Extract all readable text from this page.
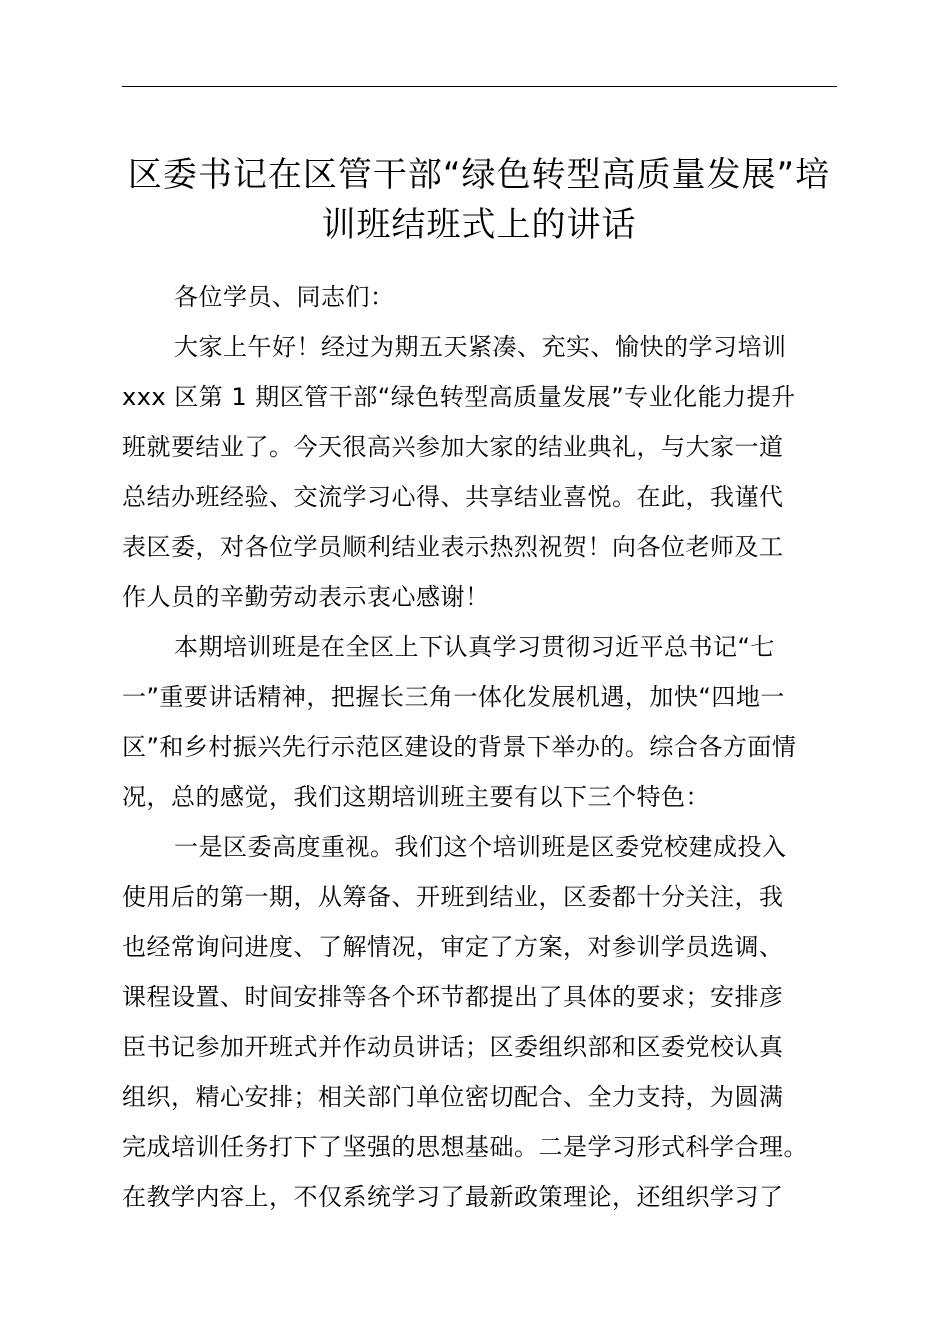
区委书记在区管干部“绿色转型高质量发展”培
训班结班式上的讲话
各位学员、同志们：
大家上午好！经过为期五天紧凑、充实、愉快的学习培训
xxx 区第 1 期区管干部“绿色转型高质量发展”专业化能力提升
班就要结业了。今天很高兴参加大家的结业典礼，与大家一道
总结办班经验、交流学习心得、共享结业喜悦。在此，我谨代
表区委，对各位学员顺利结业表示热烈祝贺！向各位老师及工
作人员的辛勤劳动表示衷心感谢！
本期培训班是在全区上下认真学习贯彻习近平总书记“七
一”重要讲话精神，把握长三角一体化发展机遇，加快“四地一
区”和乡村振兴先行示范区建设的背景下举办的。综合各方面情
况，总的感觉，我们这期培训班主要有以下三个特色：
一是区委高度重视。我们这个培训班是区委党校建成投入
使用后的第一期，从筹备、开班到结业，区委都十分关注，我
也经常询问进度、了解情况，审定了方案，对参训学员选调、
课程设置、时间安排等各个环节都提出了具体的要求；安排彦
臣书记参加开班式并作动员讲话；区委组织部和区委党校认真
组织，精心安排；相关部门单位密切配合、全力支持，为圆满
完成培训任务打下了坚强的思想基础。二是学习形式科学合理。
在教学内容上，不仅系统学习了最新政策理论，还组织学习了
